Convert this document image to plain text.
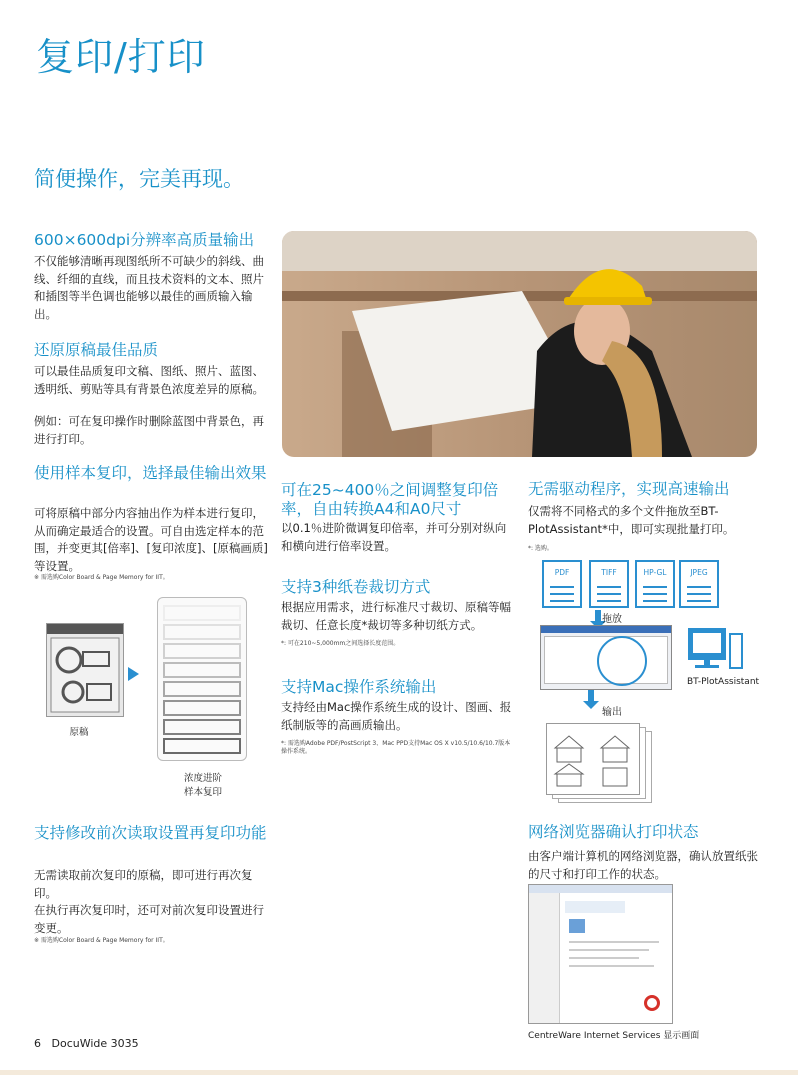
复印/打印
简便操作，完美再现。
600×600dpi分辨率高质量输出
不仅能够清晰再现图纸所不可缺少的斜线、曲线、纤细的直线，而且技术资料的文本、照片和插图等半色调也能够以最佳的画质输入输出。
还原原稿最佳品质
可以最佳品质复印文稿、图纸、照片、蓝图、透明纸、剪贴等具有背景色浓度差异的原稿。
例如：可在复印操作时删除蓝图中背景色，再进行打印。
使用样本复印，选择最佳输出效果
可将原稿中部分内容抽出作为样本进行复印，从而确定最适合的设置。可自由选定样本的范围，并变更其[倍率]、[复印浓度]、[原稿画质]等设置。
※ 需选购Color Board & Page Memory for IIT。
原稿
浓度进阶
样本复印
支持修改前次读取设置再复印功能
无需读取前次复印的原稿，即可进行再次复印。
在执行再次复印时，还可对前次复印设置进行变更。
※ 需选购Color Board & Page Memory for IIT。
可在25~400％之间调整复印倍率，自由转换A4和A0尺寸
以0.1％进阶微调复印倍率，并可分别对纵向和横向进行倍率设置。
支持3种纸卷裁切方式
根据应用需求，进行标准尺寸裁切、原稿等幅裁切、任意长度*裁切等多种切纸方式。
*: 可在210~5,000mm之间选择长度范围。
支持Mac操作系统输出
支持经由Mac操作系统生成的设计、图画、报纸制版等的高画质输出。
*: 需选购Adobe PDF/PostScript 3、Mac PPD支持Mac OS X v10.5/10.6/10.7版本操作系统。
无需驱动程序，实现高速输出
仅需将不同格式的多个文件拖放至BT-PlotAssistant*中，即可实现批量打印。
*: 选购。
PDF	TIFF	HP-GL	JPEG
拖放
BT-PlotAssistant
输出
网络浏览器确认打印状态
由客户端计算机的网络浏览器，确认放置纸张的尺寸和打印工作的状态。
CentreWare Internet Services 显示画面
6 DocuWide 3035
